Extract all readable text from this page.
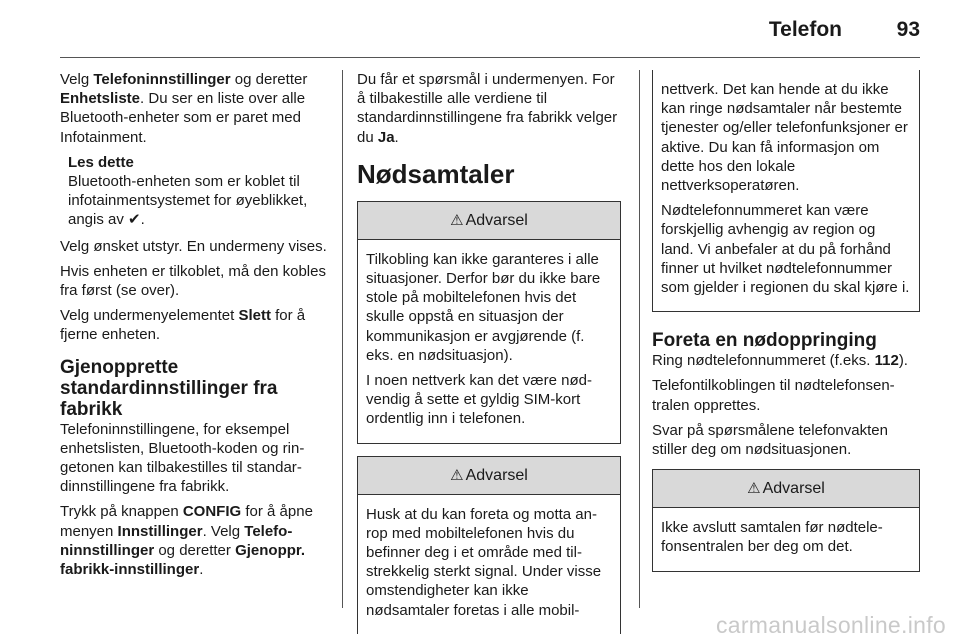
Telefon	93

Velg Telefoninnstillinger og deretter Enhetsliste. Du ser en liste over alle Bluetooth-enheter som er paret med Infotainment.

Les dette
Bluetooth-enheten som er koblet til infotainmentsystemet for øyeblikket, angis av ✔.

Velg ønsket utstyr. En undermeny vises.

Hvis enheten er tilkoblet, må den kobles fra først (se over).

Velg undermenyelementet Slett for å fjerne enheten.

Gjenopprette standardinnstillinger fra fabrikk

Telefoninnstillingene, for eksempel enhetslisten, Bluetooth-koden og ringetonen kan tilbakestilles til standardinnstillingene fra fabrikk.

Trykk på knappen CONFIG for å åpne menyen Innstillinger. Velg Telefoninnstillinger og deretter Gjenoppr. fabrikk-innstillinger.

Du får et spørsmål i undermenyen. For å tilbakestille alle verdiene til standardinnstillingene fra fabrikk velger du Ja.

Nødsamtaler
⚠ Advarsel

Tilkobling kan ikke garanteres i alle situasjoner. Derfor bør du ikke bare stole på mobiltelefonen hvis det skulle oppstå en situasjon der kommunikasjon er avgjørende (f. eks. en nødsituasjon).

I noen nettverk kan det være nødvendig å sette et gyldig SIM-kort ordentlig inn i telefonen.

⚠ Advarsel

Husk at du kan foreta og motta anrop med mobiltelefonen hvis du befinner deg i et område med tilstrekkelig sterkt signal. Under visse omstendigheter kan ikke nødsamtaler foretas i alle mobil-

nettverk. Det kan hende at du ikke kan ringe nødsamtaler når bestemte tjenester og/eller telefonfunksjoner er aktive. Du kan få informasjon om dette hos den lokale nettverksoperatøren.

Nødtelefonnummeret kan være forskjellig avhengig av region og land. Vi anbefaler at du på forhånd finner ut hvilket nødtelefonnummer som gjelder i regionen du skal kjøre i.

Foreta en nødoppringing

Ring nødtelefonnummeret (f.eks. 112).

Telefontilkoblingen til nødtelefonsentralen opprettes.

Svar på spørsmålene telefonvakten stiller deg om nødsituasjonen.

⚠ Advarsel

Ikke avslutt samtalen før nødtelefonsentralen ber deg om det.

carmanualsonline.info
